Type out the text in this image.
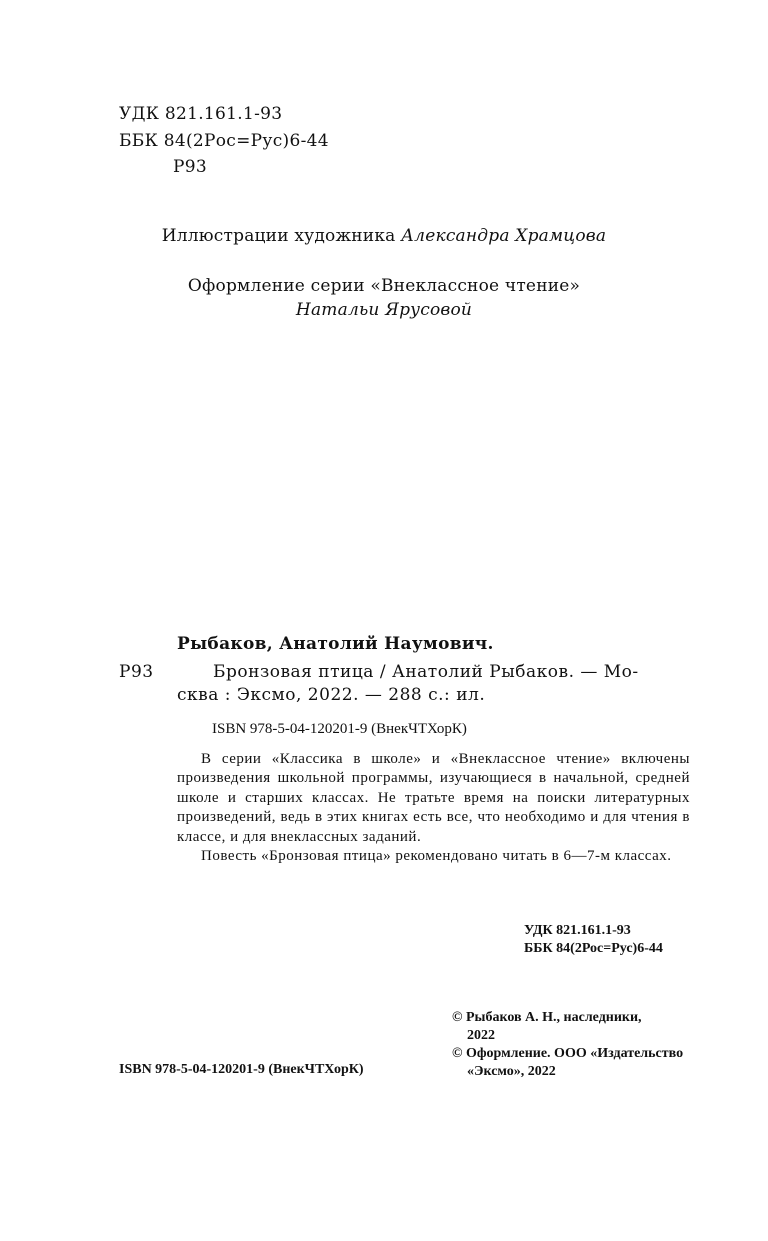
УДК 821.161.1-93
ББК 84(2Рос=Рус)6-44
Р93
Иллюстрации художника Александра Храмцова
Оформление серии «Внеклассное чтение»
Натальи Ярусовой
Рыбаков, Анатолий Наумович.
Р93	Бронзовая птица / Анатолий Рыбаков. — Мо-
сква : Эксмо, 2022. — 288 с.: ил.
ISBN 978-5-04-120201-9 (ВнекЧТХорК)

В серии «Классика в школе» и «Внеклассное чтение» включены произведения школьной программы, изучающиеся в начальной, средней школе и старших классах. Не тратьте время на поиски литературных произведений, ведь в этих книгах есть все, что необходимо и для чтения в классе, и для внеклассных заданий.

Повесть «Бронзовая птица» рекомендовано читать в 6—7-м классах.

УДК 821.161.1-93
ББК 84(2Рос=Рус)6-44
© Рыбаков А. Н., наследники,
2022
© Оформление. ООО «Издательство
«Эксмо», 2022
ISBN 978-5-04-120201-9 (ВнекЧТХорК)
